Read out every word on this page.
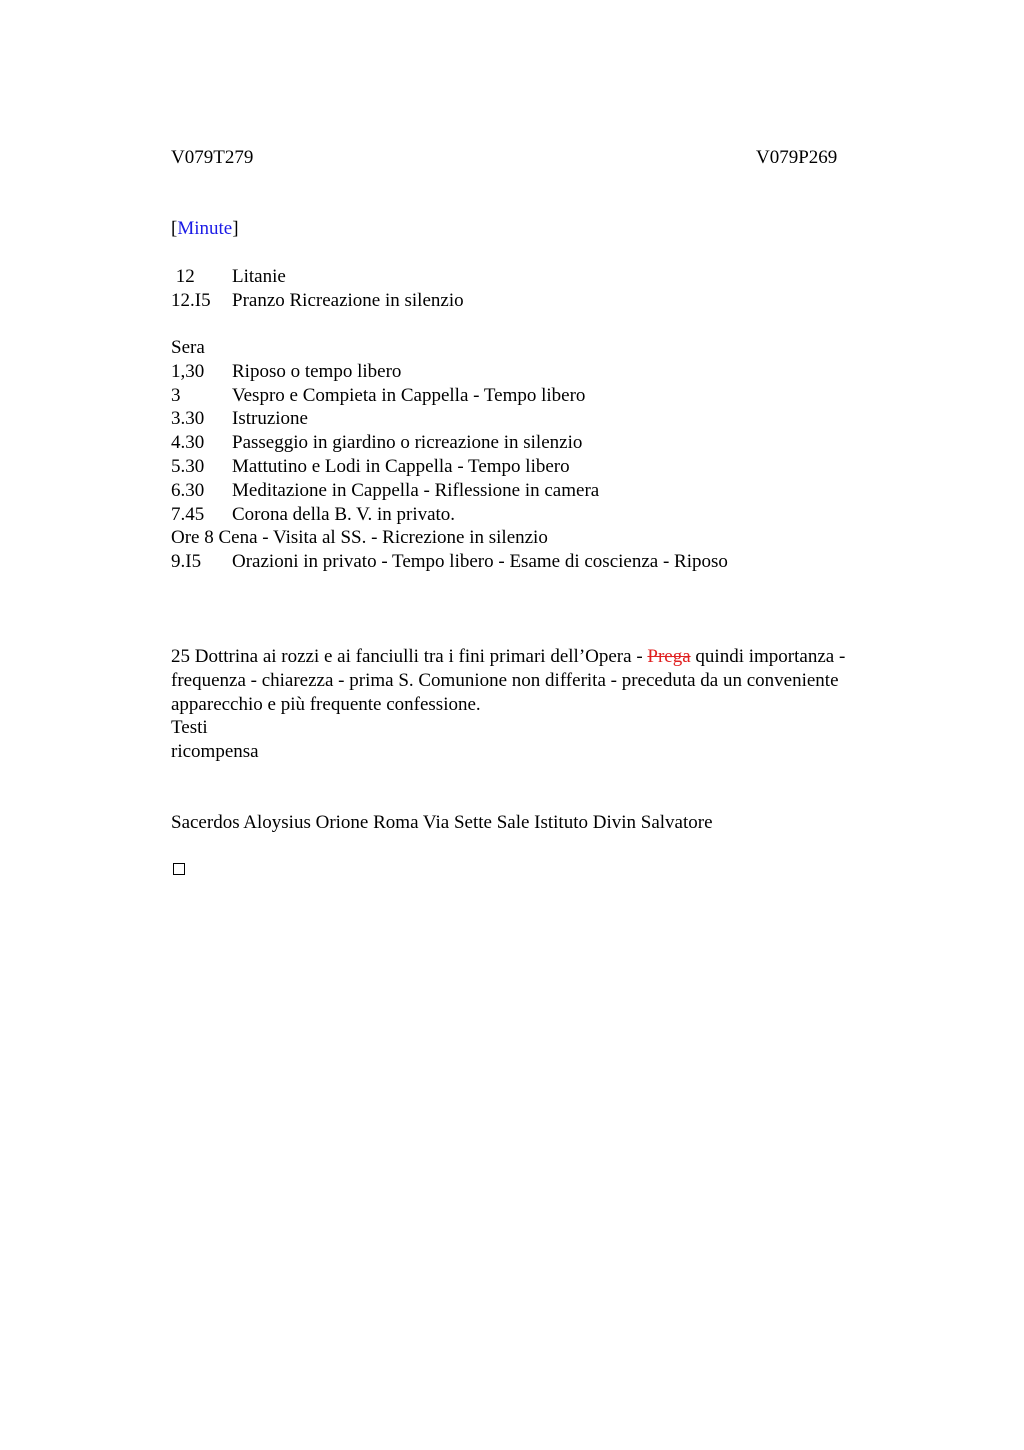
V079T279	V079P269
[Minute]
12 Litanie
12.I5 Pranzo Ricreazione in silenzio
Sera
1,30 Riposo o tempo libero
3	Vespro e Compieta in Cappella - Tempo libero
3.30 Istruzione
4.30 Passeggio in giardino o ricreazione in silenzio
5.30 Mattutino e Lodi in Cappella - Tempo libero
6.30 Meditazione in Cappella - Riflessione in camera
7.45 Corona della B. V. in privato.
Ore 8 Cena - Visita al SS. - Ricrezione in silenzio
9.I5 Orazioni in privato - Tempo libero - Esame di coscienza - Riposo
25 Dottrina ai rozzi e ai fanciulli tra i fini primari dell’Opera - Prega quindi importanza - frequenza - chiarezza - prima S. Comunione non differita - preceduta da un conveniente apparecchio e più frequente confessione.
Testi
ricompensa
Sacerdos Aloysius Orione Roma Via Sette Sale Istituto Divin Salvatore
